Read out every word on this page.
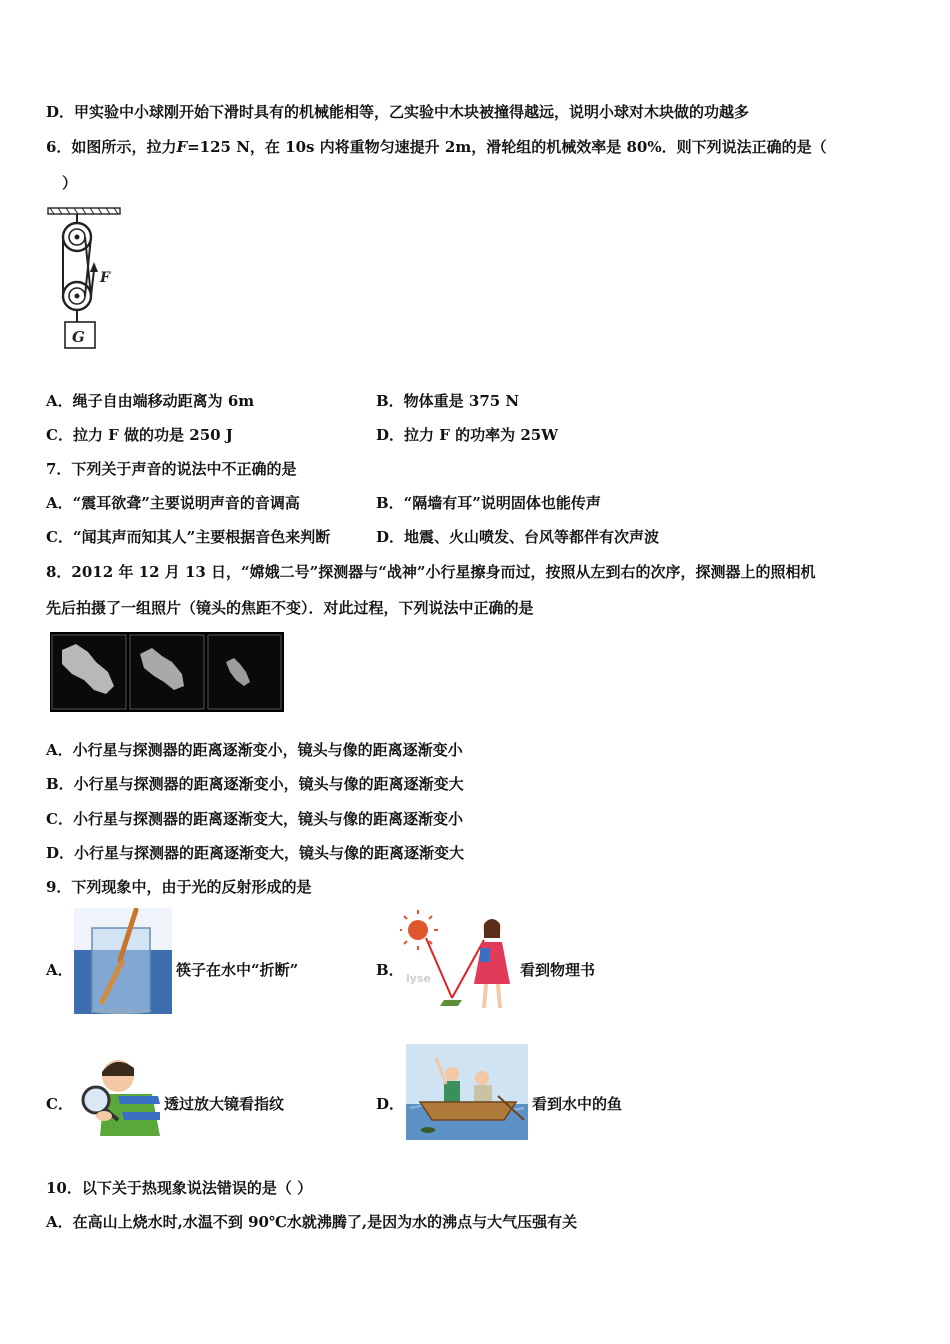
D．甲实验中小球刚开始下滑时具有的机械能相等，乙实验中木块被撞得越远，说明小球对木块做的功越多
6．如图所示，拉力F=125 N，在 10s 内将重物匀速提升 2m，滑轮组的机械效率是 80%．则下列说法正确的是（
）
F
G
A．绳子自由端移动距离为 6m	B．物体重是 375 N
C．拉力 F 做的功是 250 J	D．拉力 F 的功率为 25W
7．下列关于声音的说法中不正确的是
A．“震耳欲聋”主要说明声音的音调高	B．“隔墙有耳”说明固体也能传声
C．“闻其声而知其人”主要根据音色来判断	D．地震、火山喷发、台风等都伴有次声波
8．2012 年 12 月 13 日，“嫦娥二号”探测器与“战神”小行星擦身而过，按照从左到右的次序，探测器上的照相机
先后拍摄了一组照片（镜头的焦距不变）．对此过程，下列说法中正确的是
A．小行星与探测器的距离逐渐变小，镜头与像的距离逐渐变小
B．小行星与探测器的距离逐渐变小，镜头与像的距离逐渐变大
C．小行星与探测器的距离逐渐变大，镜头与像的距离逐渐变小
D．小行星与探测器的距离逐渐变大，镜头与像的距离逐渐变大
9．下列现象中，由于光的反射形成的是
A．	筷子在水中“折断”	B． lyse	看到物理书
C．	透过放大镜看指纹	D．	看到水中的鱼
10．以下关于热现象说法错误的是（ ）
A．在高山上烧水时,水温不到 90℃水就沸腾了,是因为水的沸点与大气压强有关
